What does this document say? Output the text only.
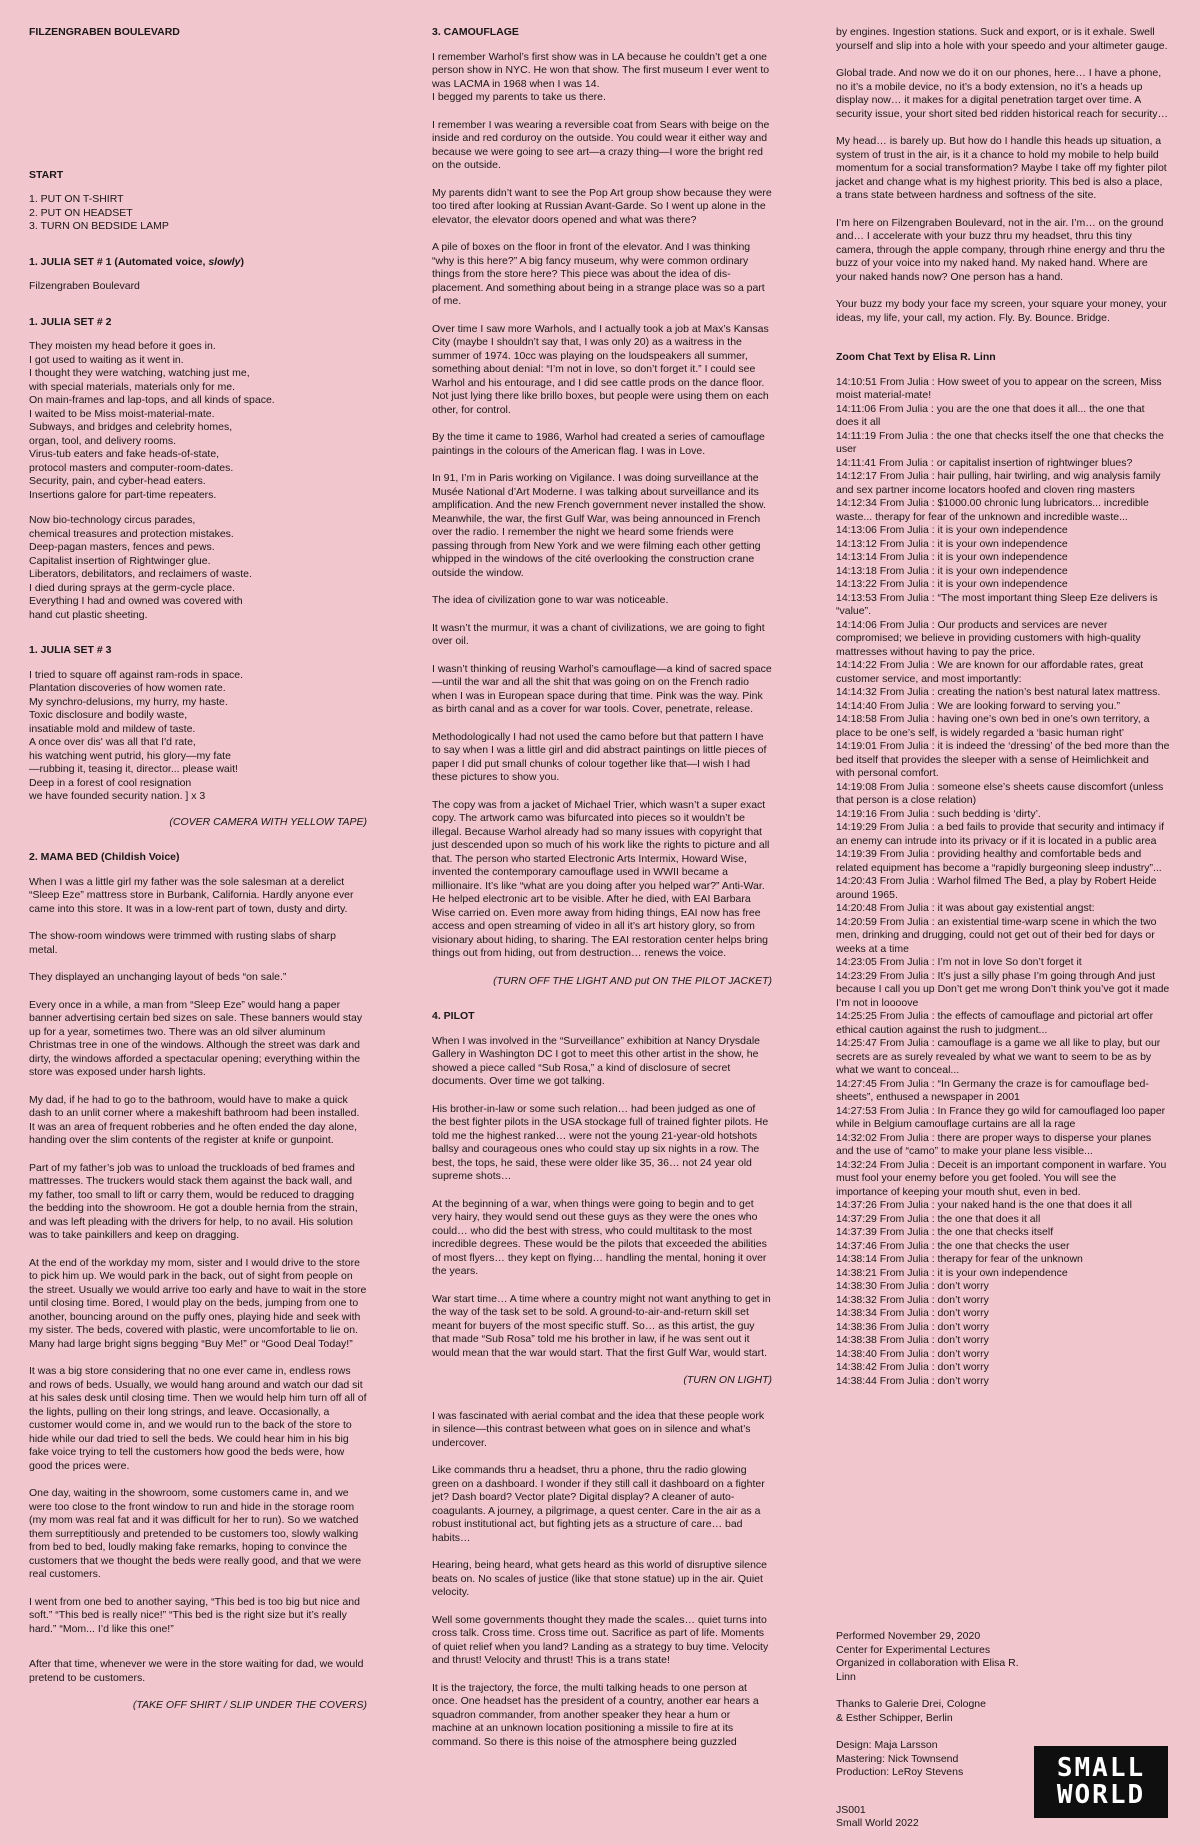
FILZENGRABEN BOULEVARD
START
1. PUT ON T-SHIRT
2. PUT ON HEADSET
3. TURN ON BEDSIDE LAMP
1. JULIA SET # 1 (Automated voice, slowly)
Filzengraben Boulevard
1. JULIA SET # 2
They moisten my head before it goes in.
I got used to waiting as it went in.
I thought they were watching, watching just me,
with special materials, materials only for me.
On main-frames and lap-tops, and all kinds of space.
I waited to be Miss moist-material-mate.
Subways, and bridges and celebrity homes,
organ, tool, and delivery rooms.
Virus-tub eaters and fake heads-of-state,
protocol masters and computer-room-dates.
Security, pain, and cyber-head eaters.
Insertions galore for part-time repeaters.
Now bio-technology circus parades,
chemical treasures and protection mistakes.
Deep-pagan masters, fences and pews.
Capitalist insertion of Rightwinger glue.
Liberators, debilitators, and reclaimers of waste.
I died during sprays at the germ-cycle place.
Everything I had and owned was covered with
hand cut plastic sheeting.
1. JULIA SET # 3
I tried to square off against ram-rods in space.
Plantation discoveries of how women rate.
My synchro-delusions, my hurry, my haste.
Toxic disclosure and bodily waste,
insatiable mold and mildew of taste.
A once over dis' was all that I'd rate,
his watching went putrid, his glory—my fate
—rubbing it, teasing it, director... please wait!
Deep in a forest of cool resignation
we have founded security nation. ] x 3
(COVER CAMERA WITH YELLOW TAPE)
2. MAMA BED (Childish Voice)
When I was a little girl my father was the sole salesman at a derelict “Sleep Eze” mattress store in Burbank, California. Hardly anyone ever came into this store. It was in a low-rent part of town, dusty and dirty.
The show-room windows were trimmed with rusting slabs of sharp metal.
They displayed an unchanging layout of beds “on sale.”
Every once in a while, a man from “Sleep Eze” would hang a paper banner advertising certain bed sizes on sale. These banners would stay up for a year, sometimes two. There was an old silver aluminum Christmas tree in one of the windows. Although the street was dark and dirty, the windows afforded a spectacular opening; everything within the store was exposed under harsh lights.
My dad, if he had to go to the bathroom, would have to make a quick dash to an unlit corner where a makeshift bathroom had been installed. It was an area of frequent robberies and he often ended the day alone, handing over the slim contents of the register at knife or gunpoint.
Part of my father’s job was to unload the truckloads of bed frames and mattresses. The truckers would stack them against the back wall, and my father, too small to lift or carry them, would be reduced to dragging the bedding into the showroom. He got a double hernia from the strain, and was left pleading with the drivers for help, to no avail. His solution was to take painkillers and keep on dragging.
At the end of the workday my mom, sister and I would drive to the store to pick him up. We would park in the back, out of sight from people on the street. Usually we would arrive too early and have to wait in the store until closing time. Bored, I would play on the beds, jumping from one to another, bouncing around on the puffy ones, playing hide and seek with my sister. The beds, covered with plastic, were uncomfortable to lie on. Many had large bright signs begging “Buy Me!” or “Good Deal Today!”
It was a big store considering that no one ever came in, endless rows and rows of beds. Usually, we would hang around and watch our dad sit at his sales desk until closing time. Then we would help him turn off all of the lights, pulling on their long strings, and leave. Occasionally, a customer would come in, and we would run to the back of the store to hide while our dad tried to sell the beds. We could hear him in his big fake voice trying to tell the customers how good the beds were, how good the prices were.
One day, waiting in the showroom, some customers came in, and we were too close to the front window to run and hide in the storage room (my mom was real fat and it was difficult for her to run). So we watched them surreptitiously and pretended to be customers too, slowly walking from bed to bed, loudly making fake remarks, hoping to convince the customers that we thought the beds were really good, and that we were real customers.
I went from one bed to another saying, “This bed is too big but nice and soft.” “This bed is really nice!” “This bed is the right size but it’s really hard.” “Mom... I’d like this one!”
After that time, whenever we were in the store waiting for dad, we would pretend to be customers.
(TAKE OFF SHIRT / SLIP UNDER THE COVERS)
3. CAMOUFLAGE
I remember Warhol’s first show was in LA because he couldn’t get a one person show in NYC. He won that show. The first museum I ever went to was LACMA in 1968 when I was 14.
I begged my parents to take us there.
I remember I was wearing a reversible coat from Sears with beige on the inside and red corduroy on the outside. You could wear it either way and because we were going to see art—a crazy thing—I wore the bright red on the outside.
My parents didn’t want to see the Pop Art group show because they were too tired after looking at Russian Avant-Garde. So I went up alone in the elevator, the elevator doors opened and what was there?
A pile of boxes on the floor in front of the elevator. And I was thinking “why is this here?” A big fancy museum, why were common ordinary things from the store here? This piece was about the idea of dis-placement. And something about being in a strange place was so a part of me.
Over time I saw more Warhols, and I actually took a job at Max’s Kansas City (maybe I shouldn’t say that, I was only 20) as a waitress in the summer of 1974. 10cc was playing on the loudspeakers all summer, something about denial: “I’m not in love, so don’t forget it.” I could see Warhol and his entourage, and I did see cattle prods on the dance floor. Not just lying there like brillo boxes, but people were using them on each other, for control.
By the time it came to 1986, Warhol had created a series of camouflage paintings in the colours of the American flag. I was in Love.
In 91, I’m in Paris working on Vigilance. I was doing surveillance at the Musée National d’Art Moderne. I was talking about surveillance and its amplification. And the new French government never installed the show. Meanwhile, the war, the first Gulf War, was being announced in French over the radio. I remember the night we heard some friends were passing through from New York and we were filming each other getting whipped in the windows of the cité overlooking the construction crane outside the window.
The idea of civilization gone to war was noticeable.
It wasn’t the murmur, it was a chant of civilizations, we are going to fight over oil.
I wasn’t thinking of reusing Warhol’s camouflage—a kind of sacred space—until the war and all the shit that was going on on the French radio when I was in European space during that time. Pink was the way. Pink as birth canal and as a cover for war tools. Cover, penetrate, release.
Methodologically I had not used the camo before but that pattern I have to say when I was a little girl and did abstract paintings on little pieces of paper I did put small chunks of colour together like that—I wish I had these pictures to show you.
The copy was from a jacket of Michael Trier, which wasn’t a super exact copy. The artwork camo was bifurcated into pieces so it wouldn’t be illegal. Because Warhol already had so many issues with copyright that just descended upon so much of his work like the rights to picture and all that. The person who started Electronic Arts Intermix, Howard Wise, invented the contemporary camouflage used in WWII became a millionaire. It’s like “what are you doing after you helped war?” Anti-War. He helped electronic art to be visible. After he died, with EAI Barbara Wise carried on. Even more away from hiding things, EAI now has free access and open streaming of video in all it’s art history glory, so from visionary about hiding, to sharing. The EAI restoration center helps bring things out from hiding, out from destruction… renews the voice.
(TURN OFF THE LIGHT AND put ON THE PILOT JACKET)
4. PILOT
When I was involved in the “Surveillance” exhibition at Nancy Drysdale Gallery in Washington DC I got to meet this other artist in the show, he showed a piece called “Sub Rosa,” a kind of disclosure of secret documents. Over time we got talking.
His brother-in-law or some such relation… had been judged as one of the best fighter pilots in the USA stockage full of trained fighter pilots. He told me the highest ranked… were not the young 21-year-old hotshots ballsy and courageous ones who could stay up six nights in a row. The best, the tops, he said, these were older like 35, 36… not 24 year old supreme shots…
At the beginning of a war, when things were going to begin and to get very hairy, they would send out these guys as they were the ones who could… who did the best with stress, who could multitask to the most incredible degrees. These would be the pilots that exceeded the abilities of most flyers… they kept on flying… handling the mental, honing it over the years.
War start time… A time where a country might not want anything to get in the way of the task set to be sold. A ground-to-air-and-return skill set meant for buyers of the most specific stuff. So… as this artist, the guy that made “Sub Rosa” told me his brother in law, if he was sent out it would mean that the war would start. That the first Gulf War, would start.
(TURN ON LIGHT)
I was fascinated with aerial combat and the idea that these people work in silence—this contrast between what goes on in silence and what’s undercover.
Like commands thru a headset, thru a phone, thru the radio glowing green on a dashboard. I wonder if they still call it dashboard on a fighter jet? Dash board? Vector plate? Digital display? A cleaner of auto-coagulants. A journey, a pilgrimage, a quest center. Care in the air as a robust institutional act, but fighting jets as a structure of care… bad habits…
Hearing, being heard, what gets heard as this world of disruptive silence beats on. No scales of justice (like that stone statue) up in the air. Quiet velocity.
Well some governments thought they made the scales… quiet turns into cross talk. Cross time. Cross time out. Sacrifice as part of life. Moments of quiet relief when you land? Landing as a strategy to buy time. Velocity and thrust! Velocity and thrust! This is a trans state!
It is the trajectory, the force, the multi talking heads to one person at once. One headset has the president of a country, another ear hears a squadron commander, from another speaker they hear a hum or machine at an unknown location positioning a missile to fire at its command. So there is this noise of the atmosphere being guzzled
by engines. Ingestion stations. Suck and export, or is it exhale. Swell yourself and slip into a hole with your speedo and your altimeter gauge.
Global trade. And now we do it on our phones, here… I have a phone, no it’s a mobile device, no it’s a body extension, no it’s a heads up display now… it makes for a digital penetration target over time. A security issue, your short sited bed ridden historical reach for security…
My head… is barely up. But how do I handle this heads up situation, a system of trust in the air, is it a chance to hold my mobile to help build momentum for a social transformation? Maybe I take off my fighter pilot jacket and change what is my highest priority. This bed is also a place, a trans state between hardness and softness of the site.
I’m here on Filzengraben Boulevard, not in the air. I’m… on the ground and… I accelerate with your buzz thru my headset, thru this tiny camera, through the apple company, through rhine energy and thru the buzz of your voice into my naked hand. My naked hand. Where are your naked hands now? One person has a hand.
Your buzz my body your face my screen, your square your money, your ideas, my life, your call, my action. Fly. By. Bounce. Bridge.
Zoom Chat Text by Elisa R. Linn
14:10:51 From Julia : How sweet of you to appear on the screen, Miss moist material-mate!
14:11:06 From Julia : you are the one that does it all... the one that does it all
14:11:19 From Julia : the one that checks itself the one that checks the user
14:11:41 From Julia : or capitalist insertion of rightwinger blues?
14:12:17 From Julia : hair pulling, hair twirling, and wig analysis family and sex partner income locators hoofed and cloven ring masters
14:12:34 From Julia : $1000.00 chronic lung lubricators... incredible waste... therapy for fear of the unknown and incredible waste...
14:13:06 From Julia : it is your own independence
14:13:12 From Julia : it is your own independence
14:13:14 From Julia : it is your own independence
14:13:18 From Julia : it is your own independence
14:13:22 From Julia : it is your own independence
14:13:53 From Julia : “The most important thing Sleep Eze delivers is “value”.
14:14:06 From Julia : Our products and services are never compromised; we believe in providing customers with high-quality mattresses without having to pay the price.
14:14:22 From Julia : We are known for our affordable rates, great customer service, and most importantly:
14:14:32 From Julia : creating the nation’s best natural latex mattress.
14:14:40 From Julia : We are looking forward to serving you.”
14:18:58 From Julia : having one’s own bed in one’s own territory, a place to be one’s self, is widely regarded a ‘basic human right’
14:19:01 From Julia : it is indeed the ‘dressing’ of the bed more than the bed itself that provides the sleeper with a sense of Heimlichkeit and with personal comfort.
14:19:08 From Julia : someone else’s sheets cause discomfort (unless that person is a close relation)
14:19:16 From Julia : such bedding is ‘dirty’.
14:19:29 From Julia : a bed fails to provide that security and intimacy if an enemy can intrude into its privacy or if it is located in a public area
14:19:39 From Julia : providing healthy and comfortable beds and related equipment has become a “rapidly burgeoning sleep industry”...
14:20:43 From Julia : Warhol filmed The Bed, a play by Robert Heide around 1965.
14:20:48 From Julia : it was about gay existential angst:
14:20:59 From Julia : an existential time-warp scene in which the two men, drinking and drugging, could not get out of their bed for days or weeks at a time
14:23:05 From Julia : I’m not in love So don’t forget it
14:23:29 From Julia : It’s just a silly phase I’m going through And just because I call you up Don’t get me wrong Don’t think you’ve got it made I’m not in loooove
14:25:25 From Julia : the effects of camouflage and pictorial art offer ethical caution against the rush to judgment...
14:25:47 From Julia : camouflage is a game we all like to play, but our secrets are as surely revealed by what we want to seem to be as by what we want to conceal...
14:27:45 From Julia : “In Germany the craze is for camouflage bed-sheets”, enthused a newspaper in 2001
14:27:53 From Julia : In France they go wild for camouflaged loo paper while in Belgium camouflage curtains are all la rage
14:32:02 From Julia : there are proper ways to disperse your planes and the use of “camo” to make your plane less visible...
14:32:24 From Julia : Deceit is an important component in warfare. You must fool your enemy before you get fooled. You will see the importance of keeping your mouth shut, even in bed.
14:37:26 From Julia : your naked hand is the one that does it all
14:37:29 From Julia : the one that does it all
14:37:39 From Julia : the one that checks itself
14:37:46 From Julia : the one that checks the user
14:38:14 From Julia : therapy for fear of the unknown
14:38:21 From Julia : it is your own independence
14:38:30 From Julia : don’t worry
14:38:32 From Julia : don’t worry
14:38:34 From Julia : don’t worry
14:38:36 From Julia : don’t worry
14:38:38 From Julia : don’t worry
14:38:40 From Julia : don’t worry
14:38:42 From Julia : don’t worry
14:38:44 From Julia : don’t worry
Performed November 29, 2020
Center for Experimental Lectures
Organized in collaboration with Elisa R. Linn
Thanks to Galerie Drei, Cologne
& Esther Schipper, Berlin
Design: Maja Larsson
Mastering: Nick Townsend
Production: LeRoy Stevens
JS001
Small World 2022
SMALL
WORLD
